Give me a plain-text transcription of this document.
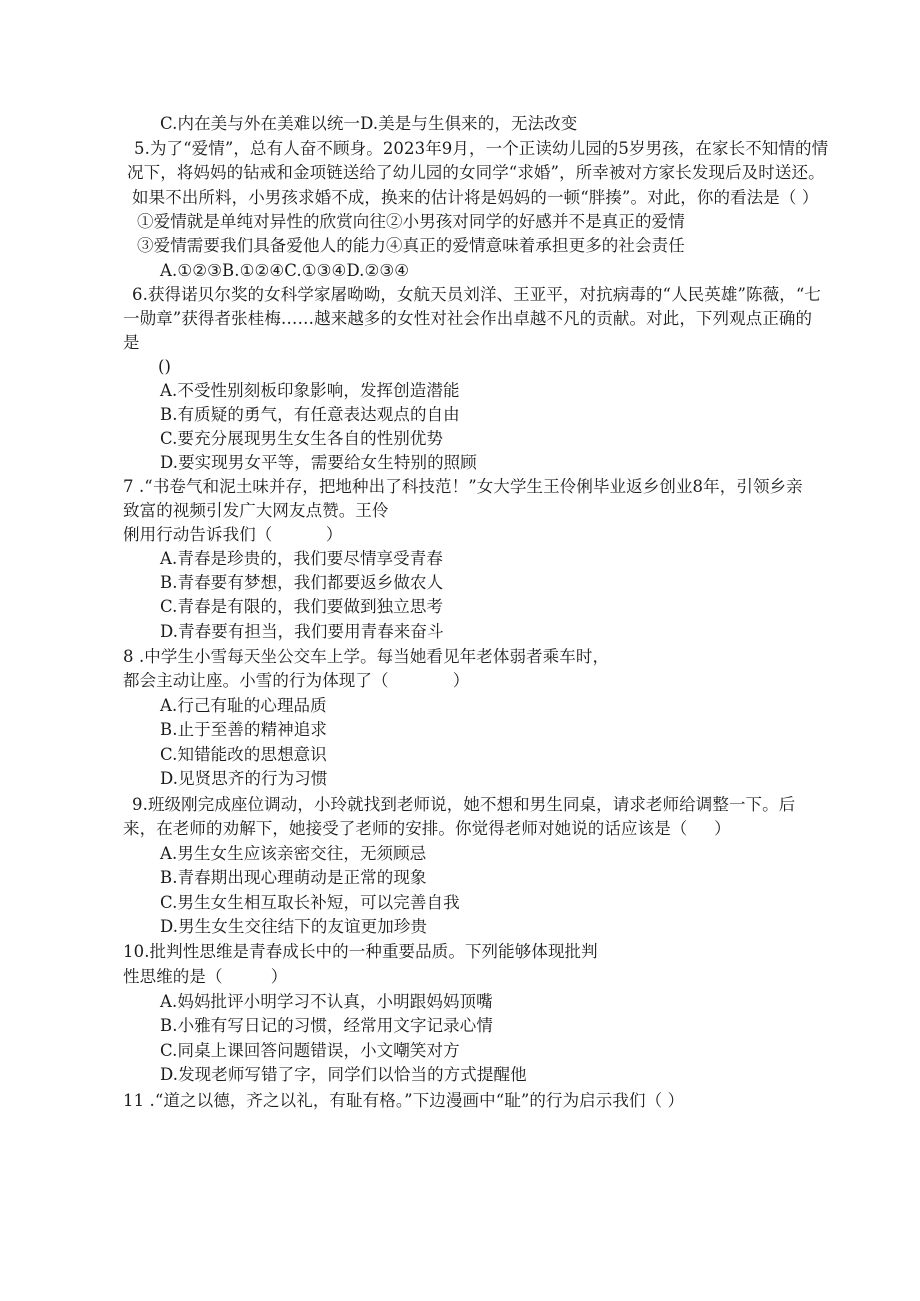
C.内在美与外在美难以统一D.美是与生俱来的，无法改变
5.为了“爱情”，总有人奋不顾身。2023年9月，一个正读幼儿园的5岁男孩，在家长不知情的情
况下，将妈妈的钻戒和金项链送给了幼儿园的女同学“求婚”，所幸被对方家长发现后及时送还。
如果不出所料，小男孩求婚不成，换来的估计将是妈妈的一顿“胖揍”。对此，你的看法是（ ）
①爱情就是单纯对异性的欣赏向往②小男孩对同学的好感并不是真正的爱情
③爱情需要我们具备爱他人的能力④真正的爱情意味着承担更多的社会责任
A.①②③B.①②④C.①③④D.②③④
6.获得诺贝尔奖的女科学家屠呦呦，女航天员刘洋、王亚平，对抗病毒的“人民英雄”陈薇，“七
一勋章”获得者张桂梅……越来越多的女性对社会作出卓越不凡的贡献。对此，下列观点正确的
是
()
A.不受性别刻板印象影响，发挥创造潜能
B.有质疑的勇气，有任意表达观点的自由
C.要充分展现男生女生各自的性别优势
D.要实现男女平等，需要给女生特别的照顾
7 .“书卷气和泥土味并存，把地种出了科技范！”女大学生王伶俐毕业返乡创业8年，引领乡亲
致富的视频引发广大网友点赞。王伶
俐用行动告诉我们（          ）
A.青春是珍贵的，我们要尽情享受青春
B.青春要有梦想，我们都要返乡做农人
C.青春是有限的，我们要做到独立思考
D.青春要有担当，我们要用青春来奋斗
8 .中学生小雪每天坐公交车上学。每当她看见年老体弱者乘车时，
都会主动让座。小雪的行为体现了（            ）
A.行己有耻的心理品质
B.止于至善的精神追求
C.知错能改的思想意识
D.见贤思齐的行为习惯
9.班级刚完成座位调动，小玲就找到老师说，她不想和男生同桌，请求老师给调整一下。后
来，在老师的劝解下，她接受了老师的安排。你觉得老师对她说的话应该是（     ）
A.男生女生应该亲密交往，无须顾忌
B.青春期出现心理萌动是正常的现象
C.男生女生相互取长补短，可以完善自我
D.男生女生交往结下的友谊更加珍贵
10.批判性思维是青春成长中的一种重要品质。下列能够体现批判
性思维的是（         ）
A.妈妈批评小明学习不认真，小明跟妈妈顶嘴
B.小雅有写日记的习惯，经常用文字记录心情
C.同桌上课回答问题错误，小文嘲笑对方
D.发现老师写错了字，同学们以恰当的方式提醒他
11 .“道之以德，齐之以礼，有耻有格。”下边漫画中“耻”的行为启示我们（ ）
